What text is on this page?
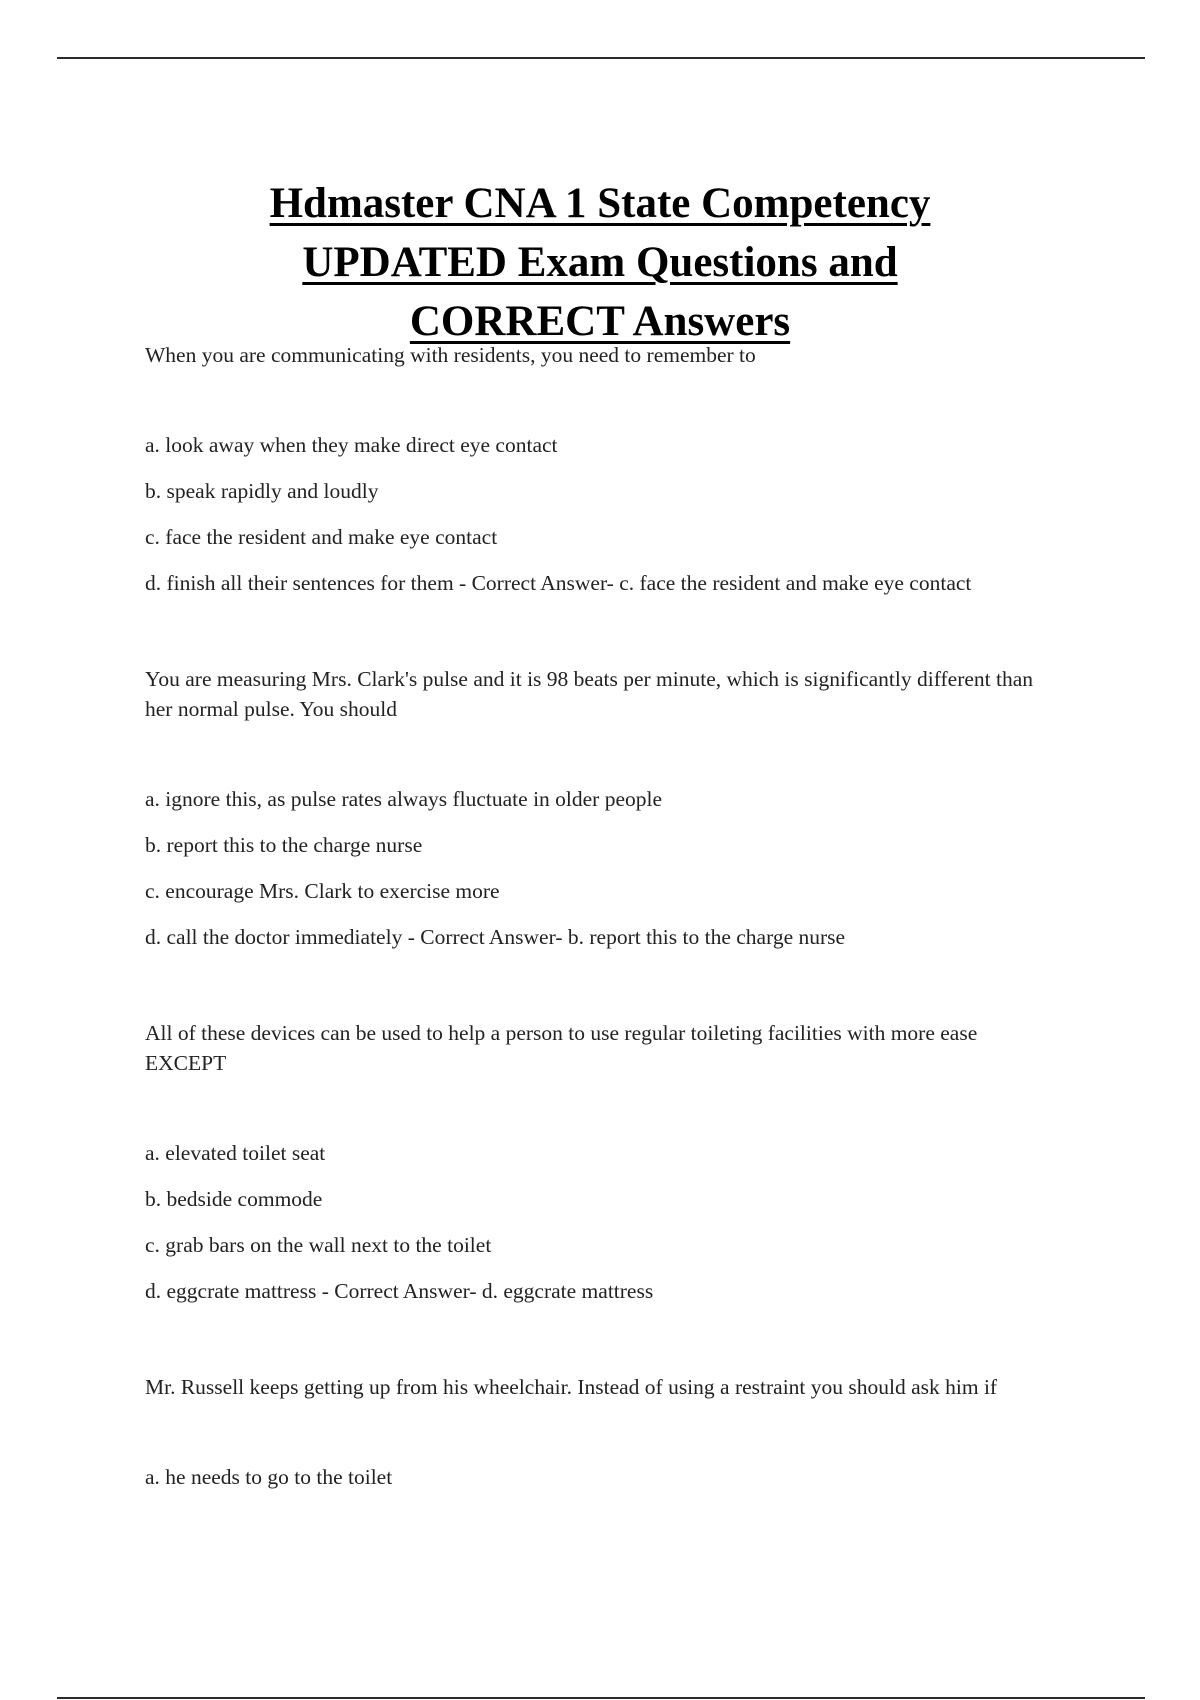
Hdmaster CNA 1 State Competency
UPDATED Exam Questions and
CORRECT Answers

When you are communicating with residents, you need to remember to

a. look away when they make direct eye contact

b. speak rapidly and loudly

c. face the resident and make eye contact

d. finish all their sentences for them - Correct Answer- c. face the resident and make eye contact

You are measuring Mrs. Clark's pulse and it is 98 beats per minute, which is significantly different than her normal pulse. You should

a. ignore this, as pulse rates always fluctuate in older people

b. report this to the charge nurse

c. encourage Mrs. Clark to exercise more

d. call the doctor immediately - Correct Answer- b. report this to the charge nurse

All of these devices can be used to help a person to use regular toileting facilities with more ease EXCEPT

a. elevated toilet seat

b. bedside commode

c. grab bars on the wall next to the toilet

d. eggcrate mattress - Correct Answer- d. eggcrate mattress

Mr. Russell keeps getting up from his wheelchair. Instead of using a restraint you should ask him if

a. he needs to go to the toilet
